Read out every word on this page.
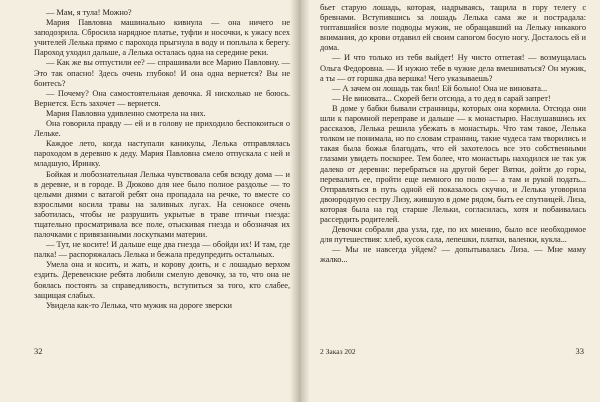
— Мам, я тула! Можно?

Мария Павловна машинально кивнула — она ничего не заподозрила. Сбросила нарядное платье, туфли и носочки, к ужасу всех учителей Лелька прямо с парохода прыгнула в воду и поплыла к берегу. Пароход уходил дальше, а Лелька осталась одна на середине реки.

— Как же вы отпустили ее? — спрашивали все Марию Павловну. — Это так опасно! Здесь очень глубоко! И она одна вернется? Вы не боитесь?

— Почему? Она самостоятельная девочка. Я нисколько не боюсь. Вернется. Есть захочет — вернется.

Мария Павловна удивленно смотрела на них.

Она говорила правду — ей и в голову не приходило беспокоиться о Лельке.

Каждое лето, когда наступали каникулы, Лелька отправлялась пароходом в деревню к деду. Мария Павловна смело отпускала с ней и младшую, Иринку.

Бойкая и любознательная Лелька чувствовала себя всюду дома — и в деревне, и в городе. В Дюково для нее было полное раздолье — то целыми днями с ватагой ребят она пропадала на речке, то вместе со взрослыми косила травы на заливных лугах. На сенокосе очень заботилась, чтобы не разрушить укрытые в траве птичьи гнезда: тщательно просматривала все поле, отыскивая гнезда и обозначая их палочками с привязанными лоскутками материи.

— Тут, не косите! И дальше еще два гнезда — обойди их! И там, где палка! — распоряжалась Лелька и бежала предупредить остальных.

Умела она и косить, и жать, и корову доить, и с лошадью верхом ездить. Деревенские ребята любили смелую девочку, за то, что она не боялась постоять за справедливость, вступиться за того, кто слабее, защищая слабых.

Увидела как-то Лелька, что мужик на дороге зверски

32

бьет старую лошадь, которая, надрываясь, тащила в гору телегу с бревнами. Вступившись за лошадь Лелька сама же и пострадала: топтавшийся возле подводы мужик, не обращавший на Лельку никакого внимания, до крови отдавил ей своим сапогом босую ногу. Досталось ей и дома.

— И что только из тебя выйдет! Ну чисто отпетая! — возмущалась Ольга Федоровна. — И нужно тебе в чужие дела вмешиваться? Он мужик, а ты — от горшка два вершка! Чего указываешь?

— А зачем он лошадь так бил! Ей больно! Она не виновата...

— Не виновата... Скорей беги отсюда, а то дед в сарай запрет!

В доме у бабки бывали странницы, которых она кормила. Отсюда они шли к паромной переправе и дальше — к монастырю. Наслушавшись их рассказов, Лелька решила убежать в монастырь. Что там такое, Лелька толком не понимала, но по словам странниц, такие чудеса там творились и такая была божья благодать, что ей захотелось все это собственными глазами увидеть поскорее. Тем более, что монастырь находился не так уж далеко от деревни: перебраться на другой берег Вятки, дойти до горы, перевалить ее, пройти еще немного по полю — а там и рукой подать... Отправляться в путь одной ей показалось скучно, и Лелька уговорила двоюродную сестру Лизу, жившую в доме рядом, быть ее спутницей. Лиза, которая была на год старше Лельки, согласилась, хотя и побаивалась рассердить родителей.

Девочки собрали два узла, где, по их мнению, было все необходимое для путешествия: хлеб, кусок сала, лепешки, платки, валенки, кукла...

— Мы не навсегда уйдем? — допытывалась Лиза. — Мне маму жалко...

2 Заказ 202	33
